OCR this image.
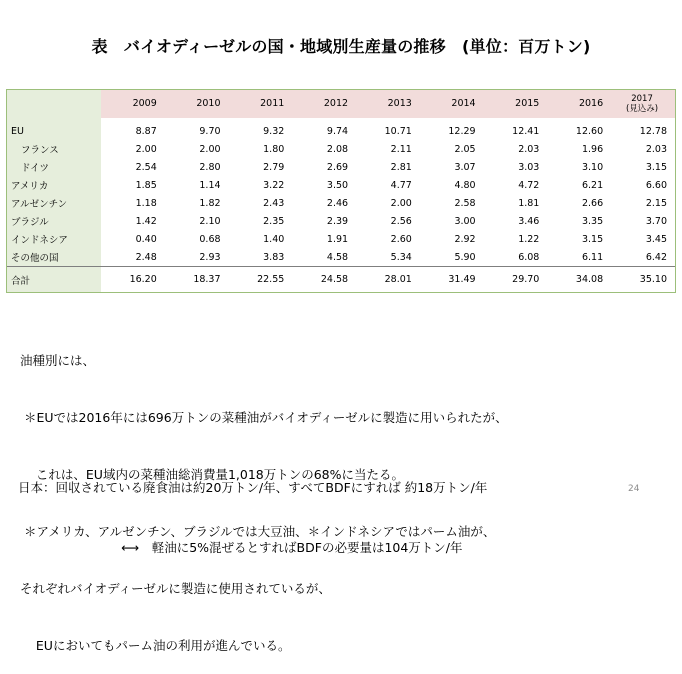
表　バイオディーゼルの国・地域別生産量の推移　(単位：百万トン)
	2009	2010	2011	2012	2013	2014	2015	2016	2017
(見込み)
EU	8.87	9.70	9.32	9.74	10.71	12.29	12.41	12.60	12.78
フランス	2.00	2.00	1.80	2.08	2.11	2.05	2.03	1.96	2.03
ドイツ	2.54	2.80	2.79	2.69	2.81	3.07	3.03	3.10	3.15
アメリカ	1.85	1.14	3.22	3.50	4.77	4.80	4.72	6.21	6.60
アルゼンチン	1.18	1.82	2.43	2.46	2.00	2.58	1.81	2.66	2.15
ブラジル	1.42	2.10	2.35	2.39	2.56	3.00	3.46	3.35	3.70
インドネシア	0.40	0.68	1.40	1.91	2.60	2.92	1.22	3.15	3.45
その他の国	2.48	2.93	3.83	4.58	5.34	5.90	6.08	6.11	6.42
合計	16.20	18.37	22.55	24.58	28.01	31.49	29.70	34.08	35.10

油種別には、

＊EUでは2016年には696万トンの菜種油がバイオディーゼルに製造に用いられたが、

これは、EU域内の菜種油総消費量1,018万トンの68%に当たる。

＊アメリカ、アルゼンチン、ブラジルでは大豆油、＊インドネシアではパーム油が、

それぞれバイオディーゼルに製造に使用されているが、

EUにおいてもパーム油の利用が進んでいる。

日本：回収されている廃食油は約20万トン/年、すべてBDFにすれば 約18万トン/年

⟷　軽油に5%混ぜるとすればBDFの必要量は104万トン/年

24
